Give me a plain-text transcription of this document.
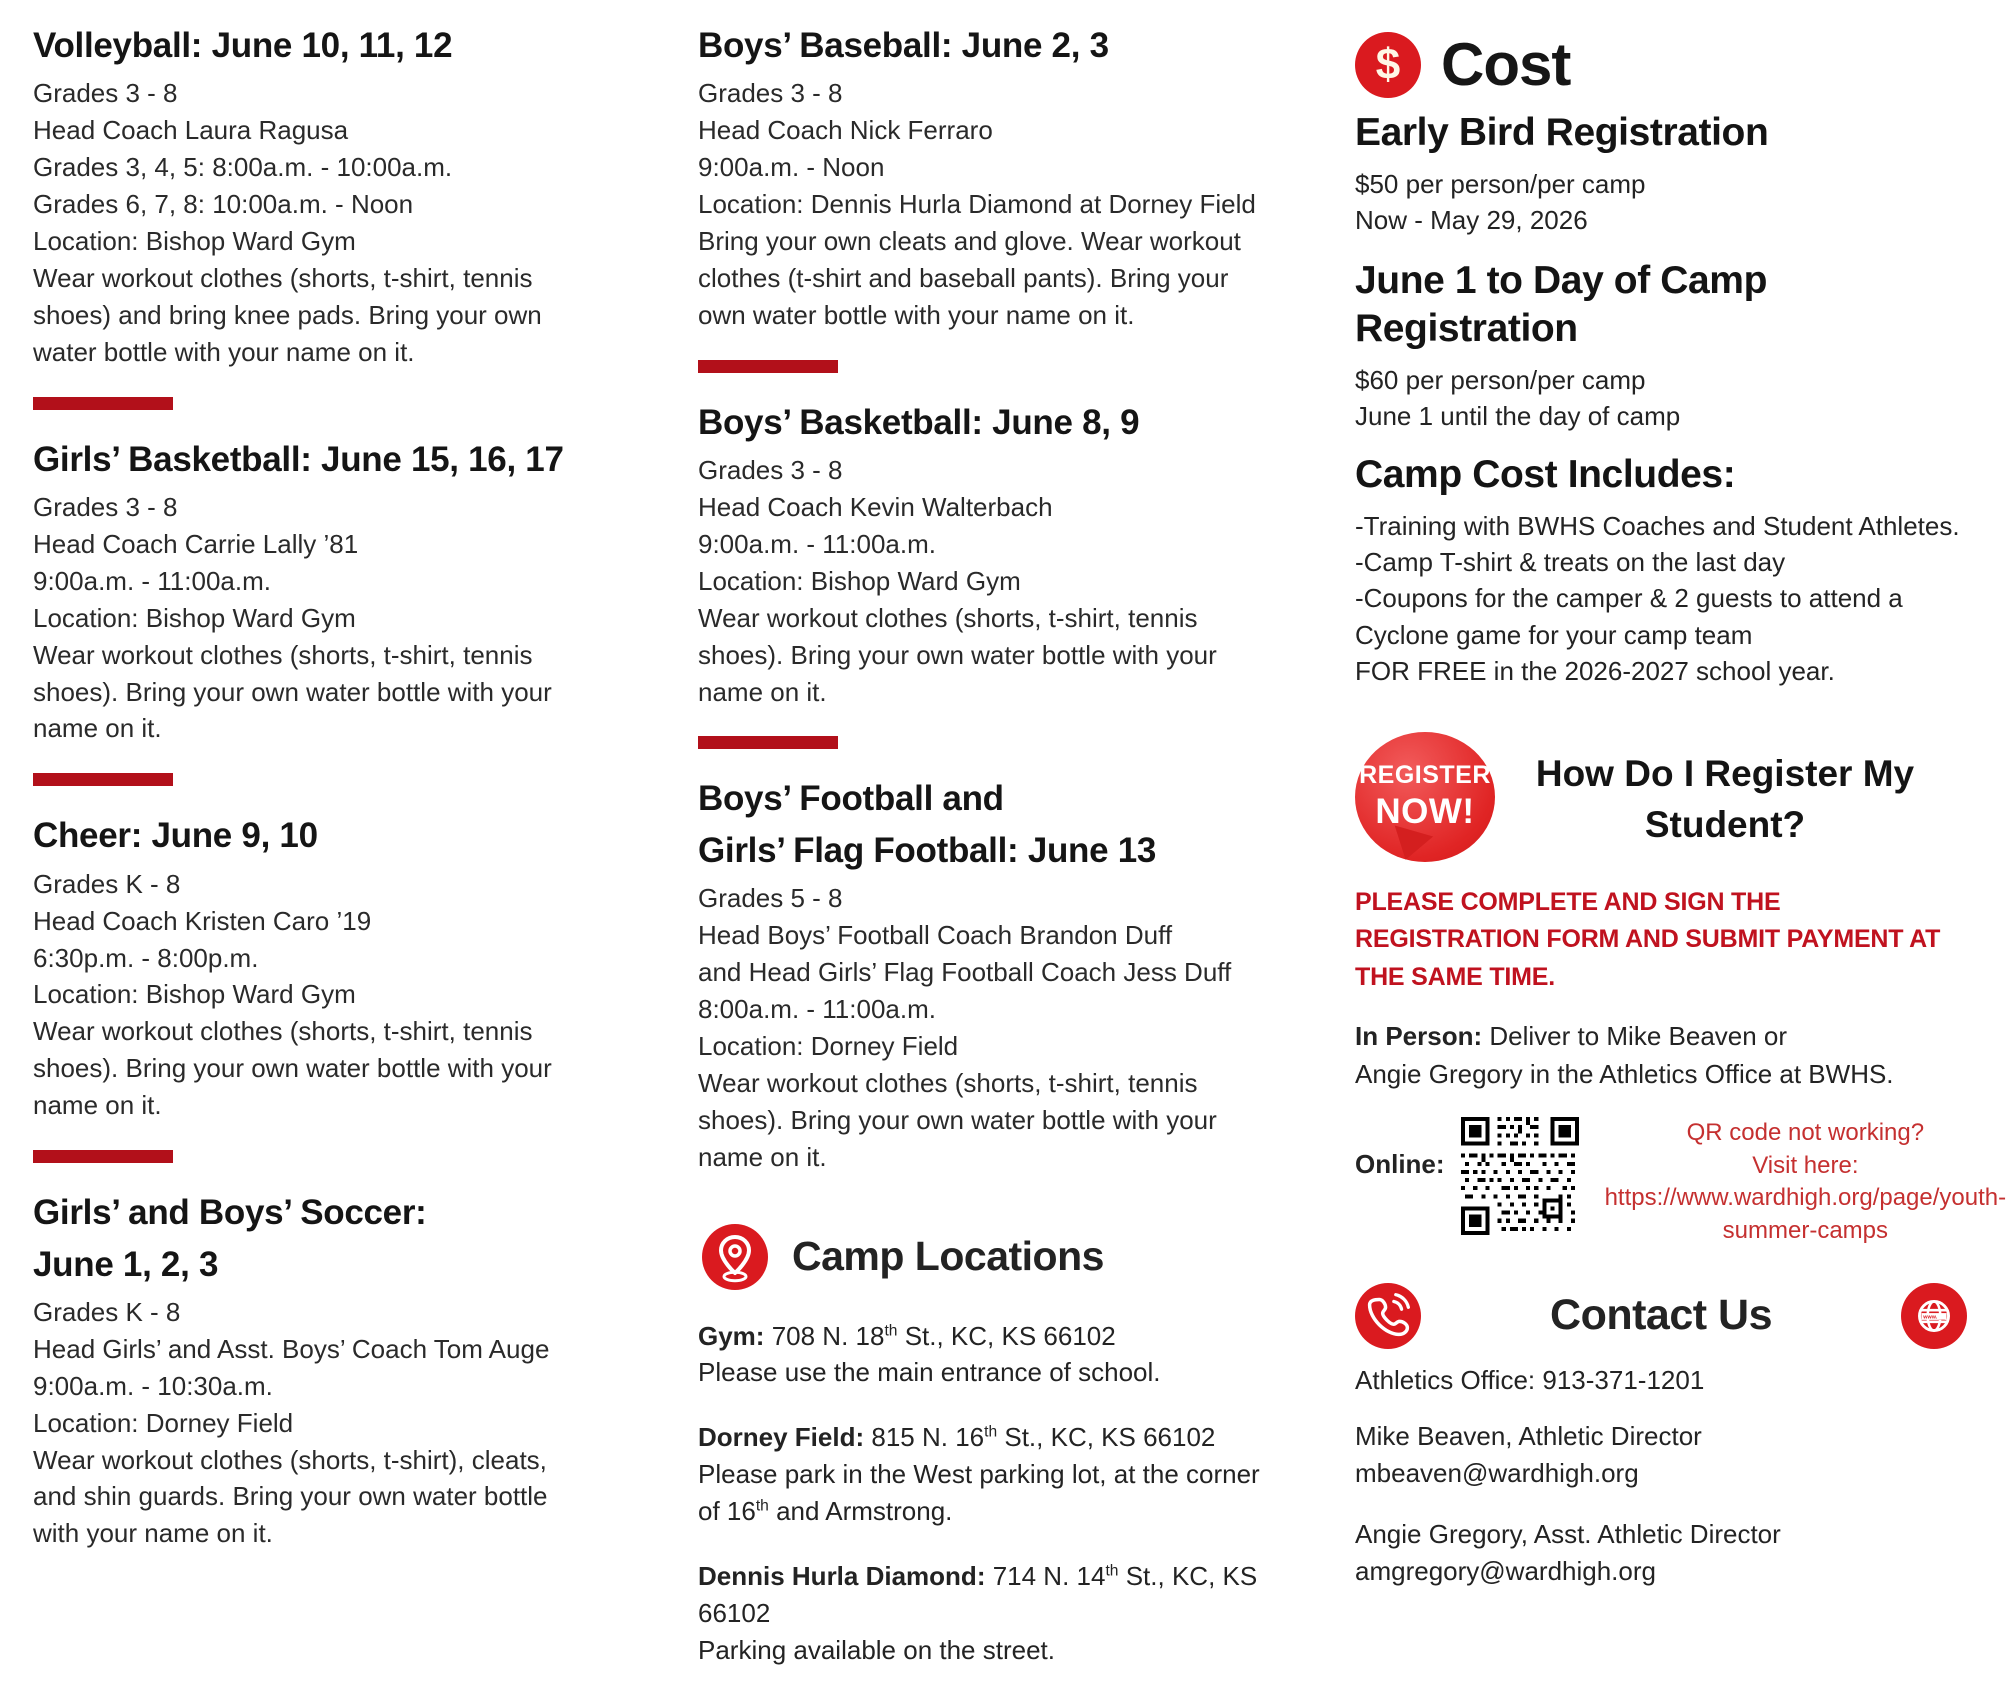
Volleyball: June 10, 11, 12
Grades 3 - 8
Head Coach Laura Ragusa
Grades 3, 4, 5: 8:00a.m. - 10:00a.m.
Grades 6, 7, 8: 10:00a.m. - Noon
Location: Bishop Ward Gym
Wear workout clothes (shorts, t-shirt, tennis shoes) and bring knee pads. Bring your own water bottle with your name on it.
Girls’ Basketball: June 15, 16, 17
Grades 3 - 8
Head Coach Carrie Lally ’81
9:00a.m. - 11:00a.m.
Location: Bishop Ward Gym
Wear workout clothes (shorts, t-shirt, tennis shoes). Bring your own water bottle with your name on it.
Cheer: June 9, 10
Grades K - 8
Head Coach Kristen Caro ’19
6:30p.m. - 8:00p.m.
Location: Bishop Ward Gym
Wear workout clothes (shorts, t-shirt, tennis shoes). Bring your own water bottle with your name on it.
Girls’ and Boys’ Soccer:
June 1, 2, 3
Grades K - 8
Head Girls’ and Asst. Boys’ Coach Tom Auge
9:00a.m. - 10:30a.m.
Location: Dorney Field
Wear workout clothes (shorts, t-shirt), cleats, and shin guards. Bring your own water bottle with your name on it.
Boys’ Baseball: June 2, 3
Grades 3 - 8
Head Coach Nick Ferraro
9:00a.m. - Noon
Location: Dennis Hurla Diamond at Dorney Field
Bring your own cleats and glove. Wear workout clothes (t-shirt and baseball pants). Bring your own water bottle with your name on it.
Boys’ Basketball: June 8, 9
Grades 3 - 8
Head Coach Kevin Walterbach
9:00a.m. - 11:00a.m.
Location: Bishop Ward Gym
Wear workout clothes (shorts, t-shirt, tennis shoes). Bring your own water bottle with your name on it.
Boys’ Football and
Girls’ Flag Football: June 13
Grades 5 - 8
Head Boys’ Football Coach Brandon Duff
and Head Girls’ Flag Football Coach Jess Duff
8:00a.m. - 11:00a.m.
Location: Dorney Field
Wear workout clothes (shorts, t-shirt, tennis shoes). Bring your own water bottle with your name on it.
Camp Locations
Gym: 708 N. 18th St., KC, KS 66102
Please use the main entrance of school.
Dorney Field: 815 N. 16th St., KC, KS 66102
Please park in the West parking lot, at the corner of 16th and Armstrong.
Dennis Hurla Diamond: 714 N. 14th St., KC, KS 66102
Parking available on the street.
$ Cost
Early Bird Registration
$50 per person/per camp
Now - May 29, 2026
June 1 to Day of Camp Registration
$60 per person/per camp
June 1 until the day of camp
Camp Cost Includes:
-Training with BWHS Coaches and Student Athletes.
-Camp T-shirt & treats on the last day
-Coupons for the camper & 2 guests to attend a Cyclone game for your camp team
FOR FREE in the 2026-2027 school year.
REGISTER
NOW!
How Do I Register My Student?
PLEASE COMPLETE AND SIGN THE REGISTRATION FORM AND SUBMIT PAYMENT AT THE SAME TIME.
In Person: Deliver to Mike Beaven or
Angie Gregory in the Athletics Office at BWHS.
Online:
QR code not working?
Visit here:
https://www.wardhigh.org/page/youth-summer-camps
Contact Us	www. __
Athletics Office: 913-371-1201
Mike Beaven, Athletic Director
mbeaven@wardhigh.org
Angie Gregory, Asst. Athletic Director
amgregory@wardhigh.org
